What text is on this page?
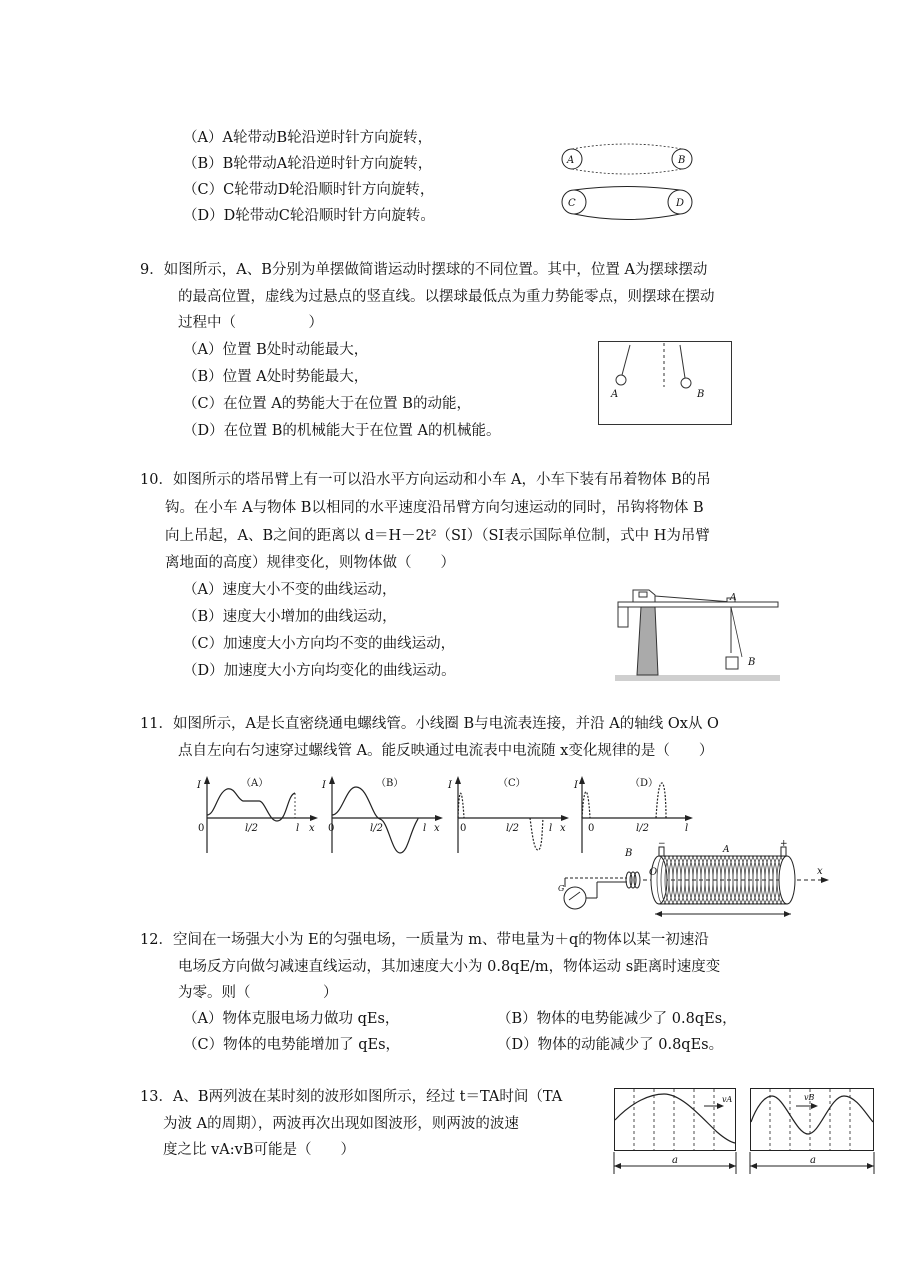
（A）A轮带动B轮沿逆时针方向旋转，
（B）B轮带动A轮沿逆时针方向旋转，
（C）C轮带动D轮沿顺时针方向旋转，
（D）D轮带动C轮沿顺时针方向旋转。
A	B
C	D
9．如图所示，A、B分别为单摆做简谐运动时摆球的不同位置。其中，位置 A为摆球摆动
的最高位置，虚线为过悬点的竖直线。以摆球最低点为重力势能零点，则摆球在摆动
过程中（　　　　　）
（A）位置 B处时动能最大，
（B）位置 A处时势能最大，
（C）在位置 A的势能大于在位置 B的动能，
（D）在位置 B的机械能大于在位置 A的机械能。
A	B
10．如图所示的塔吊臂上有一可以沿水平方向运动和小车 A，小车下装有吊着物体 B的吊
钩。在小车 A与物体 B以相同的水平速度沿吊臂方向匀速运动的同时，吊钩将物体 B
向上吊起，A、B之间的距离以 d＝H－2t²（SI）（SI表示国际单位制，式中 H为吊臂
离地面的高度）规律变化，则物体做（　　）
（A）速度大小不变的曲线运动，
（B）速度大小增加的曲线运动，
（C）加速度大小方向均不变的曲线运动，
（D）加速度大小方向均变化的曲线运动。
A
B
11．如图所示，A是长直密绕通电螺线管。小线圈 B与电流表连接，并沿 A的轴线 Ox从 O
点自左向右匀速穿过螺线管 A。能反映通过电流表中电流随 x变化规律的是（　　）
I	（A）
0	l/2	l x
I	（B）
0	l/2	l x
I	（C）
0	l/2	l x
I	（D）
0	l/2	l
G
B
x
−	+
A
O
12．空间在一场强大小为 E的匀强电场，一质量为 m、带电量为＋q的物体以某一初速沿
电场反方向做匀减速直线运动，其加速度大小为 0.8qE/m，物体运动 s距离时速度变
为零。则（　　　　　）
（A）物体克服电场力做功 qEs，	（B）物体的电势能减少了 0.8qEs，
（C）物体的电势能增加了 qEs，	（D）物体的动能减少了 0.8qEs。
13．A、B两列波在某时刻的波形如图所示，经过 t＝TA时间（TA
为波 A的周期），两波再次出现如图波形，则两波的波速
度之比 vA:vB可能是（　　）
vA
a
vB
a
